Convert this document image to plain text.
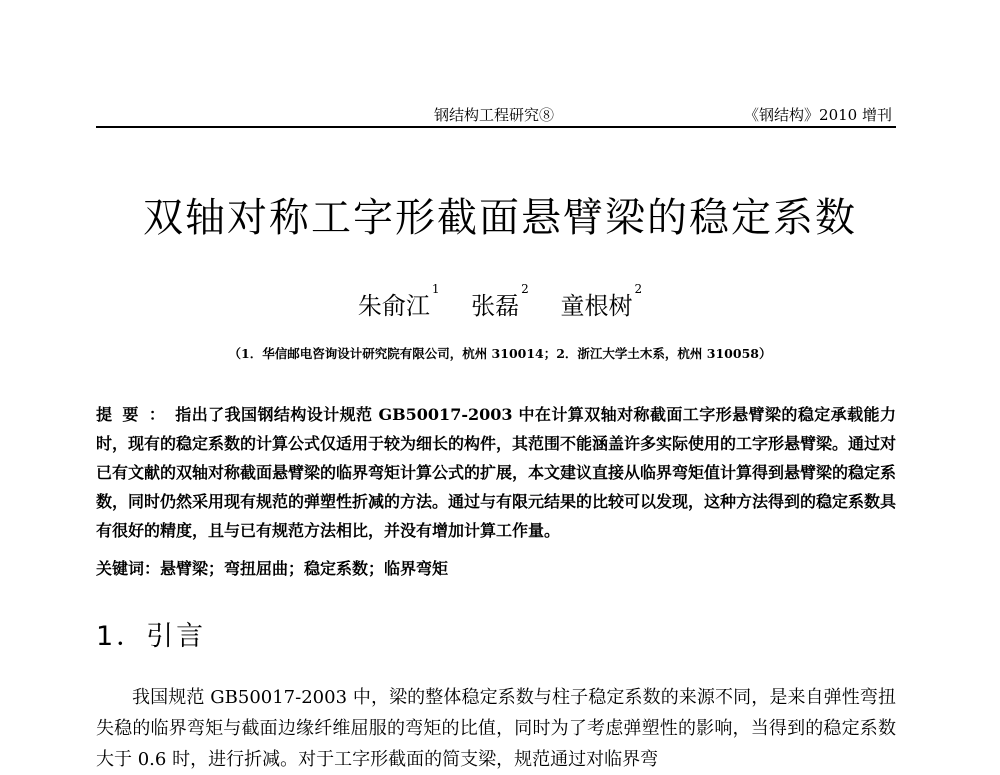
钢结构工程研究⑧	《钢结构》2010 增刊
双轴对称工字形截面悬臂梁的稳定系数
朱俞江$^1$ 张磊$^2$ 童根树$^2$
（1．华信邮电咨询设计研究院有限公司，杭州 310014；2．浙江大学土木系，杭州 310058）
提要：指出了我国钢结构设计规范 GB50017-2003 中在计算双轴对称截面工字形悬臂梁的稳定承载能力时，现有的稳定系数的计算公式仅适用于较为细长的构件，其范围不能涵盖许多实际使用的工字形悬臂梁。通过对已有文献的双轴对称截面悬臂梁的临界弯矩计算公式的扩展，本文建议直接从临界弯矩值计算得到悬臂梁的稳定系数，同时仍然采用现有规范的弹塑性折减的方法。通过与有限元结果的比较可以发现，这种方法得到的稳定系数具有很好的精度，且与已有规范方法相比，并没有增加计算工作量。
关键词：悬臂梁；弯扭屈曲；稳定系数；临界弯矩
1．引言
我国规范 GB50017-2003 中，梁的整体稳定系数与柱子稳定系数的来源不同，是来自弹性弯扭失稳的临界弯矩与截面边缘纤维屈服的弯矩的比值，同时为了考虑弹塑性的影响，当得到的稳定系数大于 0.6 时，进行折减。对于工字形截面的简支梁，规范通过对临界弯
